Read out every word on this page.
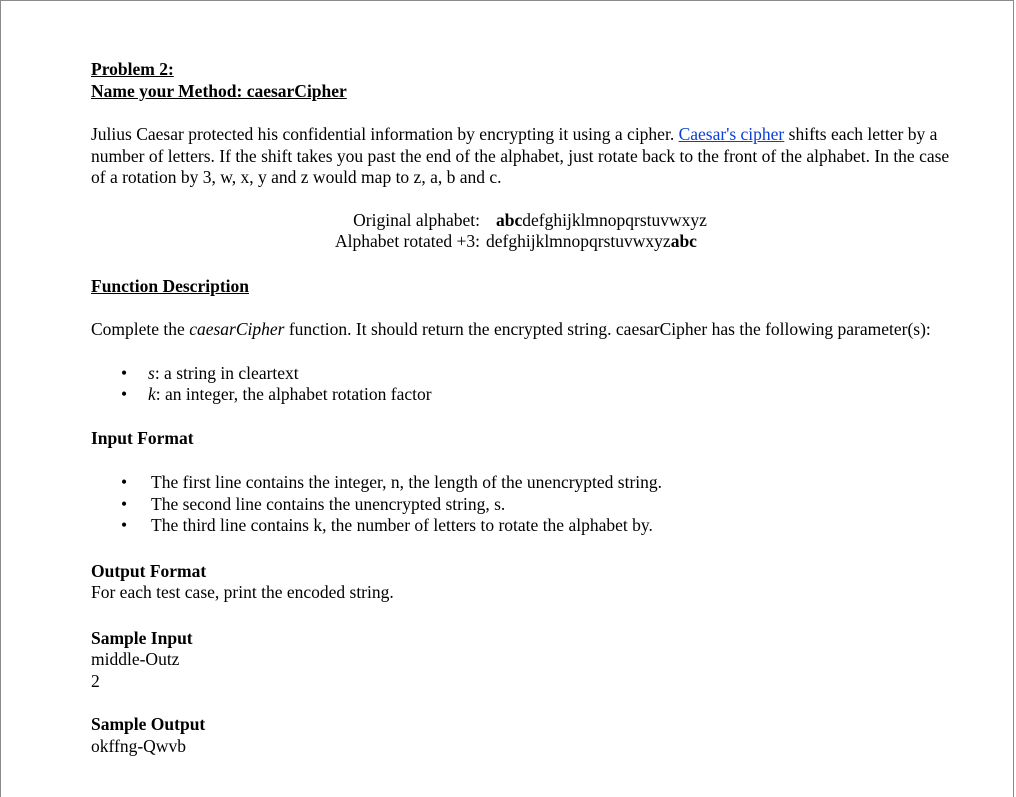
Problem 2:
Name your Method: caesarCipher

Julius Caesar protected his confidential information by encrypting it using a cipher. Caesar's cipher shifts each letter by a number of letters. If the shift takes you past the end of the alphabet, just rotate back to the front of the alphabet. In the case of a rotation by 3, w, x, y and z would map to z, a, b and c.

Original alphabet: abcdefghijklmnopqrstuvwxyz
Alphabet rotated +3: defghijklmnopqrstuvwxyzabc
Function Description

Complete the caesarCipher function. It should return the encrypted string. caesarCipher has the following parameter(s):

• s: a string in cleartext
• k: an integer, the alphabet rotation factor
Input Format
• The first line contains the integer, n, the length of the unencrypted string.
• The second line contains the unencrypted string, s.
• The third line contains k, the number of letters to rotate the alphabet by.
Output Format
For each test case, print the encoded string.
Sample Input
middle-Outz
2
Sample Output
okffng-Qwvb
